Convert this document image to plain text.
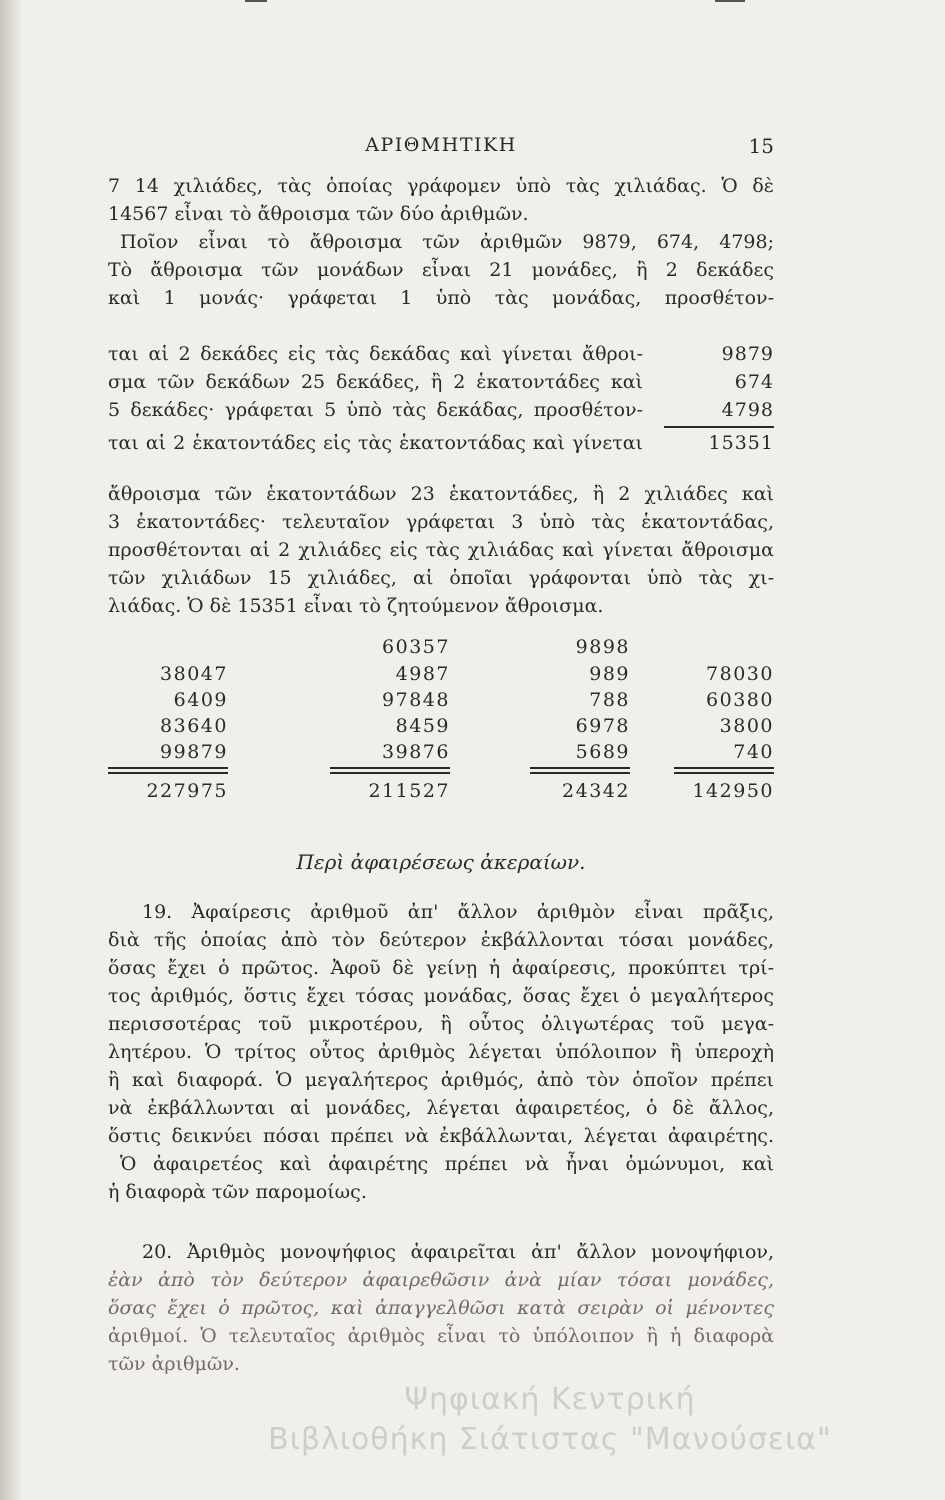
ΑΡΙΘΜΗΤΙΚΗ	15
7 14 χιλιάδες, τὰς ὁποίας γράφομεν ὑπὸ τὰς χιλιάδας. Ὁ δὲ
14567 εἶναι τὸ ἄθροισμα τῶν δύο ἀριθμῶν.
Ποῖον εἶναι τὸ ἄθροισμα τῶν ἀριθμῶν 9879, 674, 4798;
Τὸ ἄθροισμα τῶν μονάδων εἶναι 21 μονάδες, ἢ 2 δεκάδες
καὶ 1 μονάς· γράφεται 1 ὑπὸ τὰς μονάδας, προσθέτον-
ται αἱ 2 δεκάδες εἰς τὰς δεκάδας καὶ γίνεται ἄθροι-
σμα τῶν δεκάδων 25 δεκάδες, ἢ 2 ἑκατοντάδες καὶ
5 δεκάδες· γράφεται 5 ὑπὸ τὰς δεκάδας, προσθέτον-
ται αἱ 2 ἑκατοντάδες εἰς τὰς ἑκατοντάδας καὶ γίνεται
9879
674
4798
15351
ἄθροισμα τῶν ἑκατοντάδων 23 ἑκατοντάδες, ἢ 2 χιλιάδες καὶ
3 ἑκατοντάδες· τελευταῖον γράφεται 3 ὑπὸ τὰς ἑκατοντάδας,
προσθέτονται αἱ 2 χιλιάδες εἰς τὰς χιλιάδας καὶ γίνεται ἄθροισμα
τῶν χιλιάδων 15 χιλιάδες, αἱ ὁποῖαι γράφονται ὑπὸ τὰς χι-
λιάδας. Ὁ δὲ 15351 εἶναι τὸ ζητούμενον ἄθροισμα.
38047
6409
83640
99879
227975
60357
4987
97848
8459
39876
211527
9898
989
788
6978
5689
24342
78030
60380
3800
740
142950
Περὶ ἀφαιρέσεως ἀκεραίων.
19. Ἀφαίρεσις ἀριθμοῦ ἀπ' ἄλλον ἀριθμὸν εἶναι πρᾶξις,
διὰ τῆς ὁποίας ἀπὸ τὸν δεύτερον ἐκβάλλονται τόσαι μονάδες,
ὅσας ἔχει ὁ πρῶτος. Ἀφοῦ δὲ γείνῃ ἡ ἀφαίρεσις, προκύπτει τρί-
τος ἀριθμός, ὅστις ἔχει τόσας μονάδας, ὅσας ἔχει ὁ μεγαλήτερος
περισσοτέρας τοῦ μικροτέρου, ἢ οὗτος ὀλιγωτέρας τοῦ μεγα-
λητέρου. Ὁ τρίτος οὗτος ἀριθμὸς λέγεται ὑπόλοιπον ἢ ὑπεροχὴ
ἢ καὶ διαφορά. Ὁ μεγαλήτερος ἀριθμός, ἀπὸ τὸν ὁποῖον πρέπει
νὰ ἐκβάλλωνται αἱ μονάδες, λέγεται ἀφαιρετέος, ὁ δὲ ἄλλος,
ὅστις δεικνύει πόσαι πρέπει νὰ ἐκβάλλωνται, λέγεται ἀφαιρέτης.
Ὁ ἀφαιρετέος καὶ ἀφαιρέτης πρέπει νὰ ἦναι ὁμώνυμοι, καὶ
ἡ διαφορὰ τῶν παρομοίως.
20. Ἀριθμὸς μονοψήφιος ἀφαιρεῖται ἀπ' ἄλλον μονοψήφιον,
ἐὰν ἀπὸ τὸν δεύτερον ἀφαιρεθῶσιν ἀνὰ μίαν τόσαι μονάδες,
ὅσας ἔχει ὁ πρῶτος, καὶ ἀπαγγελθῶσι κατὰ σειρὰν οἱ μένοντες
ἀριθμοί. Ὁ τελευταῖος ἀριθμὸς εἶναι τὸ ὑπόλοιπον ἢ ἡ διαφορὰ
τῶν ἀριθμῶν.
Ψηφιακή Κεντρική
Βιβλιοθήκη Σιάτιστας "Μανούσεια"
